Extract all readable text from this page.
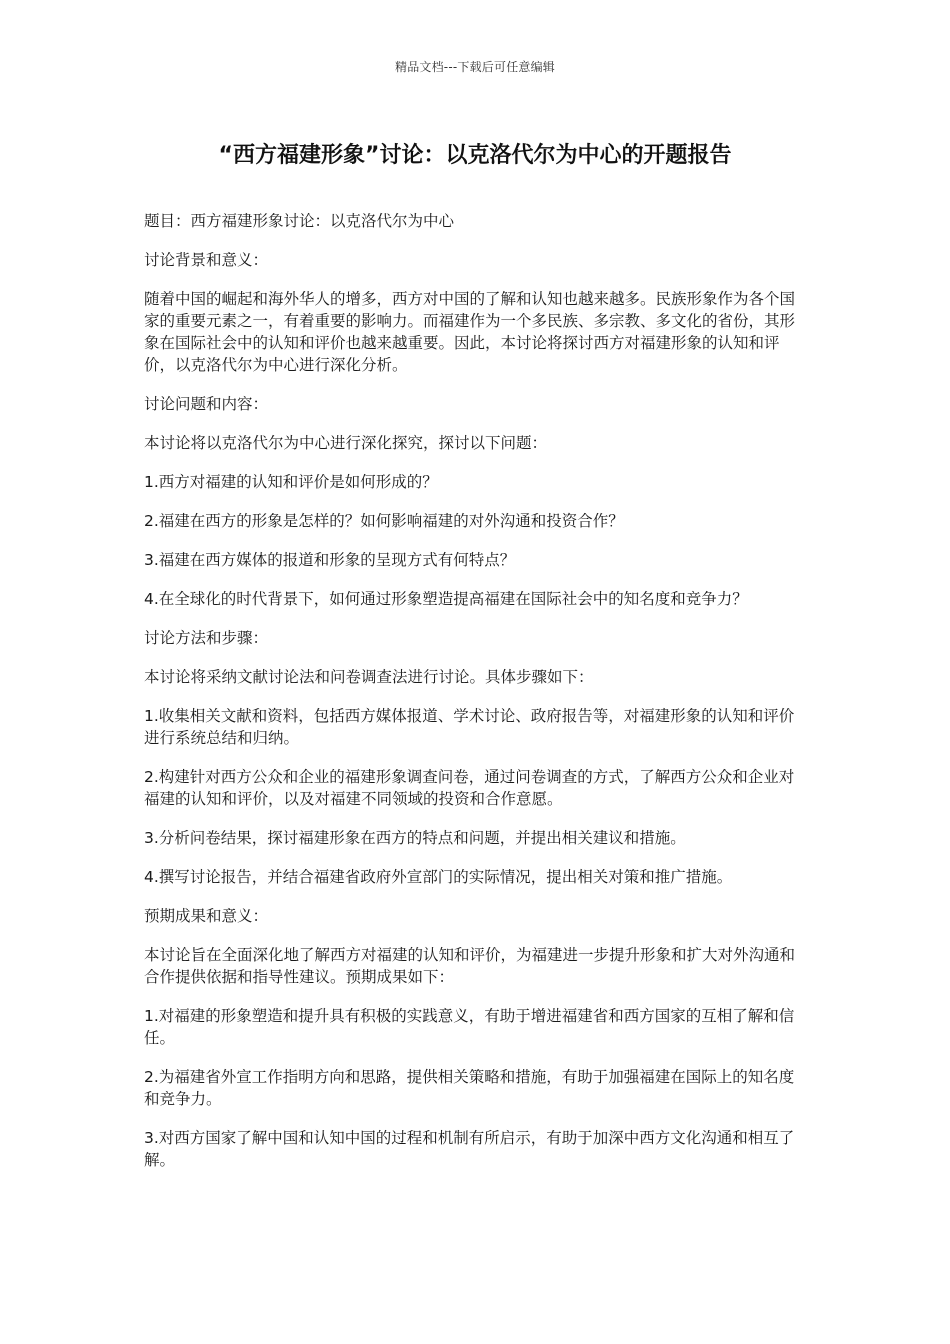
精品文档---下载后可任意编辑
“西方福建形象”讨论：以克洛代尔为中心的开题报告

题目：西方福建形象讨论：以克洛代尔为中心

讨论背景和意义：

随着中国的崛起和海外华人的增多，西方对中国的了解和认知也越来越多。民族形象作为各个国家的重要元素之一，有着重要的影响力。而福建作为一个多民族、多宗教、多文化的省份，其形象在国际社会中的认知和评价也越来越重要。因此，本讨论将探讨西方对福建形象的认知和评价，以克洛代尔为中心进行深化分析。

讨论问题和内容：

本讨论将以克洛代尔为中心进行深化探究，探讨以下问题：

1.西方对福建的认知和评价是如何形成的？

2.福建在西方的形象是怎样的？如何影响福建的对外沟通和投资合作？

3.福建在西方媒体的报道和形象的呈现方式有何特点？

4.在全球化的时代背景下，如何通过形象塑造提高福建在国际社会中的知名度和竞争力？

讨论方法和步骤：

本讨论将采纳文献讨论法和问卷调查法进行讨论。具体步骤如下：

1.收集相关文献和资料，包括西方媒体报道、学术讨论、政府报告等，对福建形象的认知和评价进行系统总结和归纳。

2.构建针对西方公众和企业的福建形象调查问卷，通过问卷调查的方式，了解西方公众和企业对福建的认知和评价，以及对福建不同领域的投资和合作意愿。

3.分析问卷结果，探讨福建形象在西方的特点和问题，并提出相关建议和措施。

4.撰写讨论报告，并结合福建省政府外宣部门的实际情况，提出相关对策和推广措施。

预期成果和意义：

本讨论旨在全面深化地了解西方对福建的认知和评价，为福建进一步提升形象和扩大对外沟通和合作提供依据和指导性建议。预期成果如下：

1.对福建的形象塑造和提升具有积极的实践意义，有助于增进福建省和西方国家的互相了解和信任。

2.为福建省外宣工作指明方向和思路，提供相关策略和措施，有助于加强福建在国际上的知名度和竞争力。

3.对西方国家了解中国和认知中国的过程和机制有所启示，有助于加深中西方文化沟通和相互了解。
